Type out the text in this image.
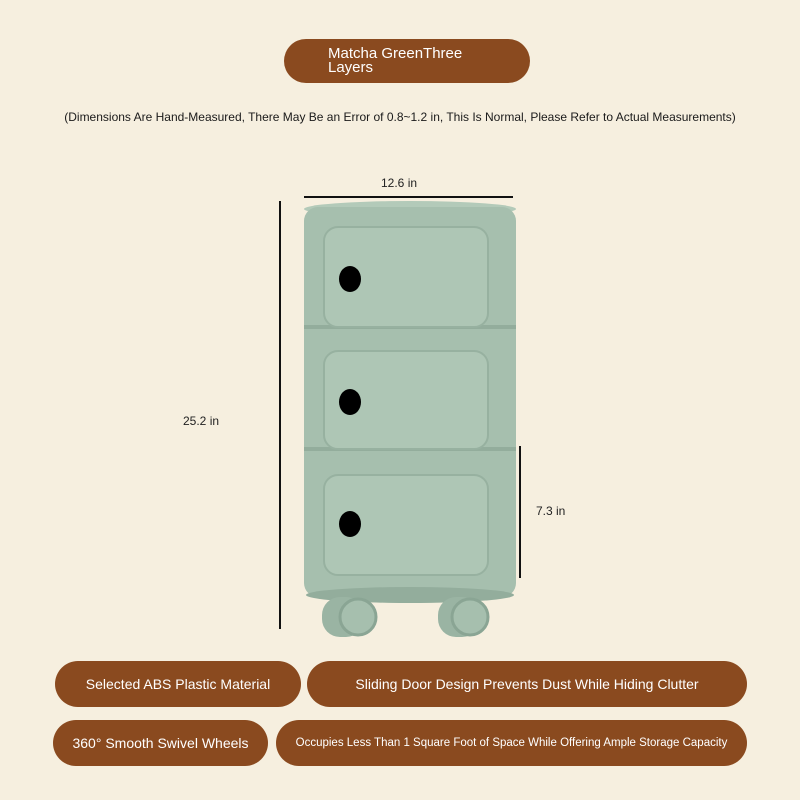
Matcha GreenThree Layers
(Dimensions Are Hand-Measured, There May Be an Error of 0.8~1.2 in, This Is Normal, Please Refer to Actual Measurements)
12.6 in
25.2 in
7.3 in
Selected ABS Plastic Material	Sliding Door Design Prevents Dust While Hiding Clutter
360° Smooth Swivel Wheels	Occupies Less Than 1 Square Foot of Space While Offering Ample Storage Capacity
